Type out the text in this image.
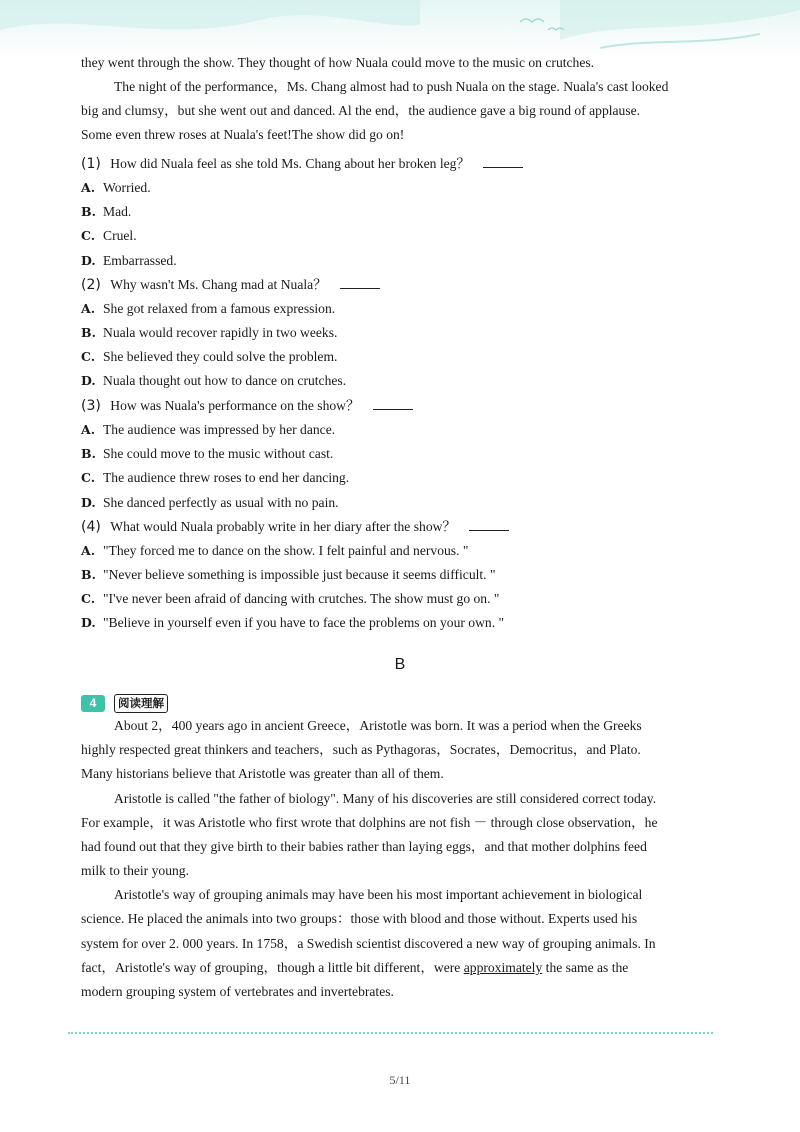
they went through the show. They thought of how Nuala could move to the music on crutches.
The night of the performance，Ms. Chang almost had to push Nuala on the stage. Nuala's cast looked
big and clumsy，but she went out and danced. Al the end，the audience gave a big round of applause.
Some even threw roses at Nuala's feet!The show did go on!
(1) How did Nuala feel as she told Ms. Chang about her broken leg？
A. Worried.
B. Mad.
C. Cruel.
D. Embarrassed.
(2) Why wasn't Ms. Chang mad at Nuala？
A. She got relaxed from a famous expression.
B. Nuala would recover rapidly in two weeks.
C. She believed they could solve the problem.
D. Nuala thought out how to dance on crutches.
(3) How was Nuala's performance on the show？
A. The audience was impressed by her dance.
B. She could move to the music without cast.
C. The audience threw roses to end her dancing.
D. She danced perfectly as usual with no pain.
(4) What would Nuala probably write in her diary after the show？
A. "They forced me to dance on the show. I felt painful and nervous. "
B. "Never believe something is impossible just because it seems difficult. "
C. "I've never been afraid of dancing with crutches. The show must go on. "
D. "Believe in yourself even if you have to face the problems on your own. "
B
4	阅读理解
About 2，400 years ago in ancient Greece，Aristotle was born. It was a period when the Greeks
highly respected great thinkers and teachers，such as Pythagoras，Socrates，Democritus，and Plato.
Many historians believe that Aristotle was greater than all of them.
Aristotle is called "the father of biology". Many of his discoveries are still considered correct today.
For example，it was Aristotle who first wrote that dolphins are not fish － through close observation，he
had found out that they give birth to their babies rather than laying eggs，and that mother dolphins feed
milk to their young.
Aristotle's way of grouping animals may have been his most important achievement in biological
science. He placed the animals into two groups：those with blood and those without. Experts used his
system for over 2. 000 years. In 1758，a Swedish scientist discovered a new way of grouping animals. In
fact，Aristotle's way of grouping，though a little bit different，were approximately the same as the
modern grouping system of vertebrates and invertebrates.
5/11
